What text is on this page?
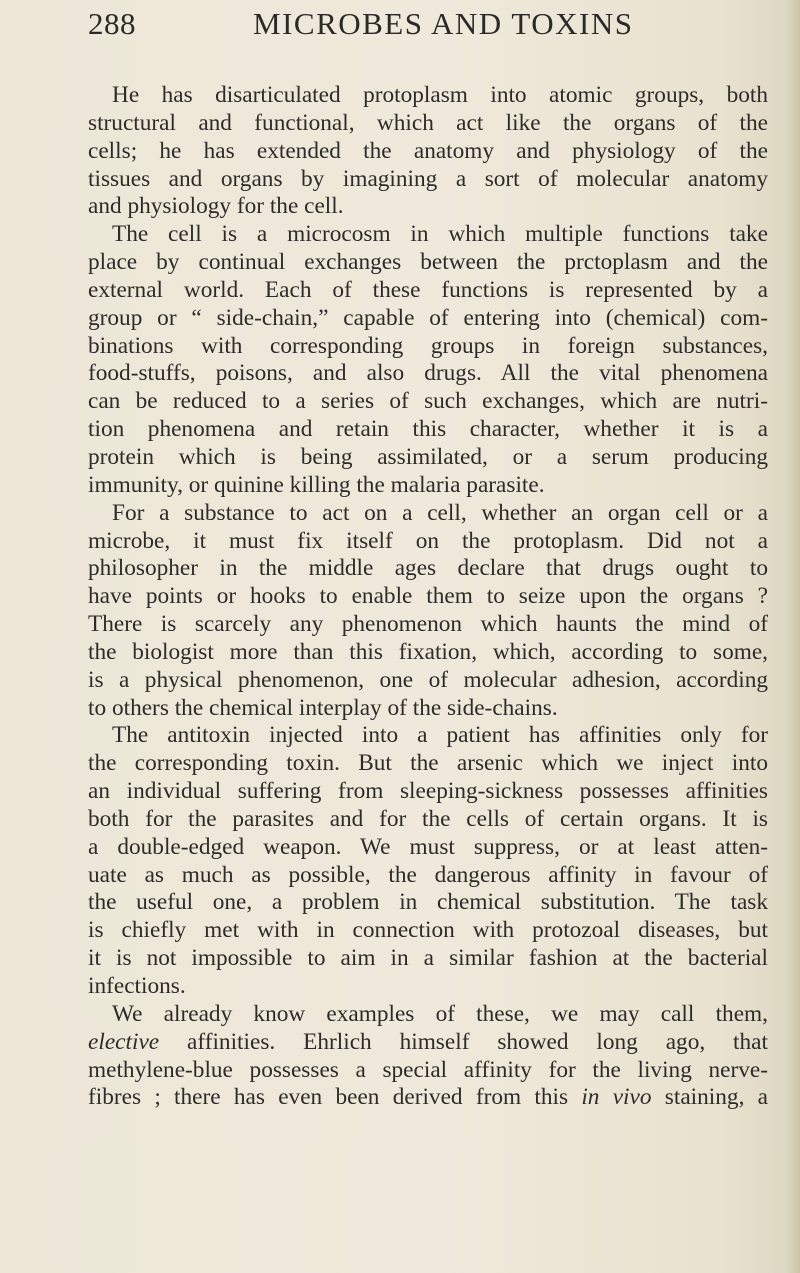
288	MICROBES AND TOXINS
He has disarticulated protoplasm into atomic groups, both
structural and functional, which act like the organs of the
cells; he has extended the anatomy and physiology of the
tissues and organs by imagining a sort of molecular anatomy
and physiology for the cell.
The cell is a microcosm in which multiple functions take
place by continual exchanges between the prctoplasm and the
external world. Each of these functions is represented by a
group or “ side-chain,” capable of entering into (chemical) com-
binations with corresponding groups in foreign substances,
food-stuffs, poisons, and also drugs. All the vital phenomena
can be reduced to a series of such exchanges, which are nutri-
tion phenomena and retain this character, whether it is a
protein which is being assimilated, or a serum producing
immunity, or quinine killing the malaria parasite.
For a substance to act on a cell, whether an organ cell or a
microbe, it must fix itself on the protoplasm. Did not a
philosopher in the middle ages declare that drugs ought to
have points or hooks to enable them to seize upon the organs ?
There is scarcely any phenomenon which haunts the mind of
the biologist more than this fixation, which, according to some,
is a physical phenomenon, one of molecular adhesion, according
to others the chemical interplay of the side-chains.
The antitoxin injected into a patient has affinities only for
the corresponding toxin. But the arsenic which we inject into
an individual suffering from sleeping-sickness possesses affinities
both for the parasites and for the cells of certain organs. It is
a double-edged weapon. We must suppress, or at least atten-
uate as much as possible, the dangerous affinity in favour of
the useful one, a problem in chemical substitution. The task
is chiefly met with in connection with protozoal diseases, but
it is not impossible to aim in a similar fashion at the bacterial
infections.
We already know examples of these, we may call them,
elective affinities. Ehrlich himself showed long ago, that
methylene-blue possesses a special affinity for the living nerve-
fibres ; there has even been derived from this in vivo staining, a
